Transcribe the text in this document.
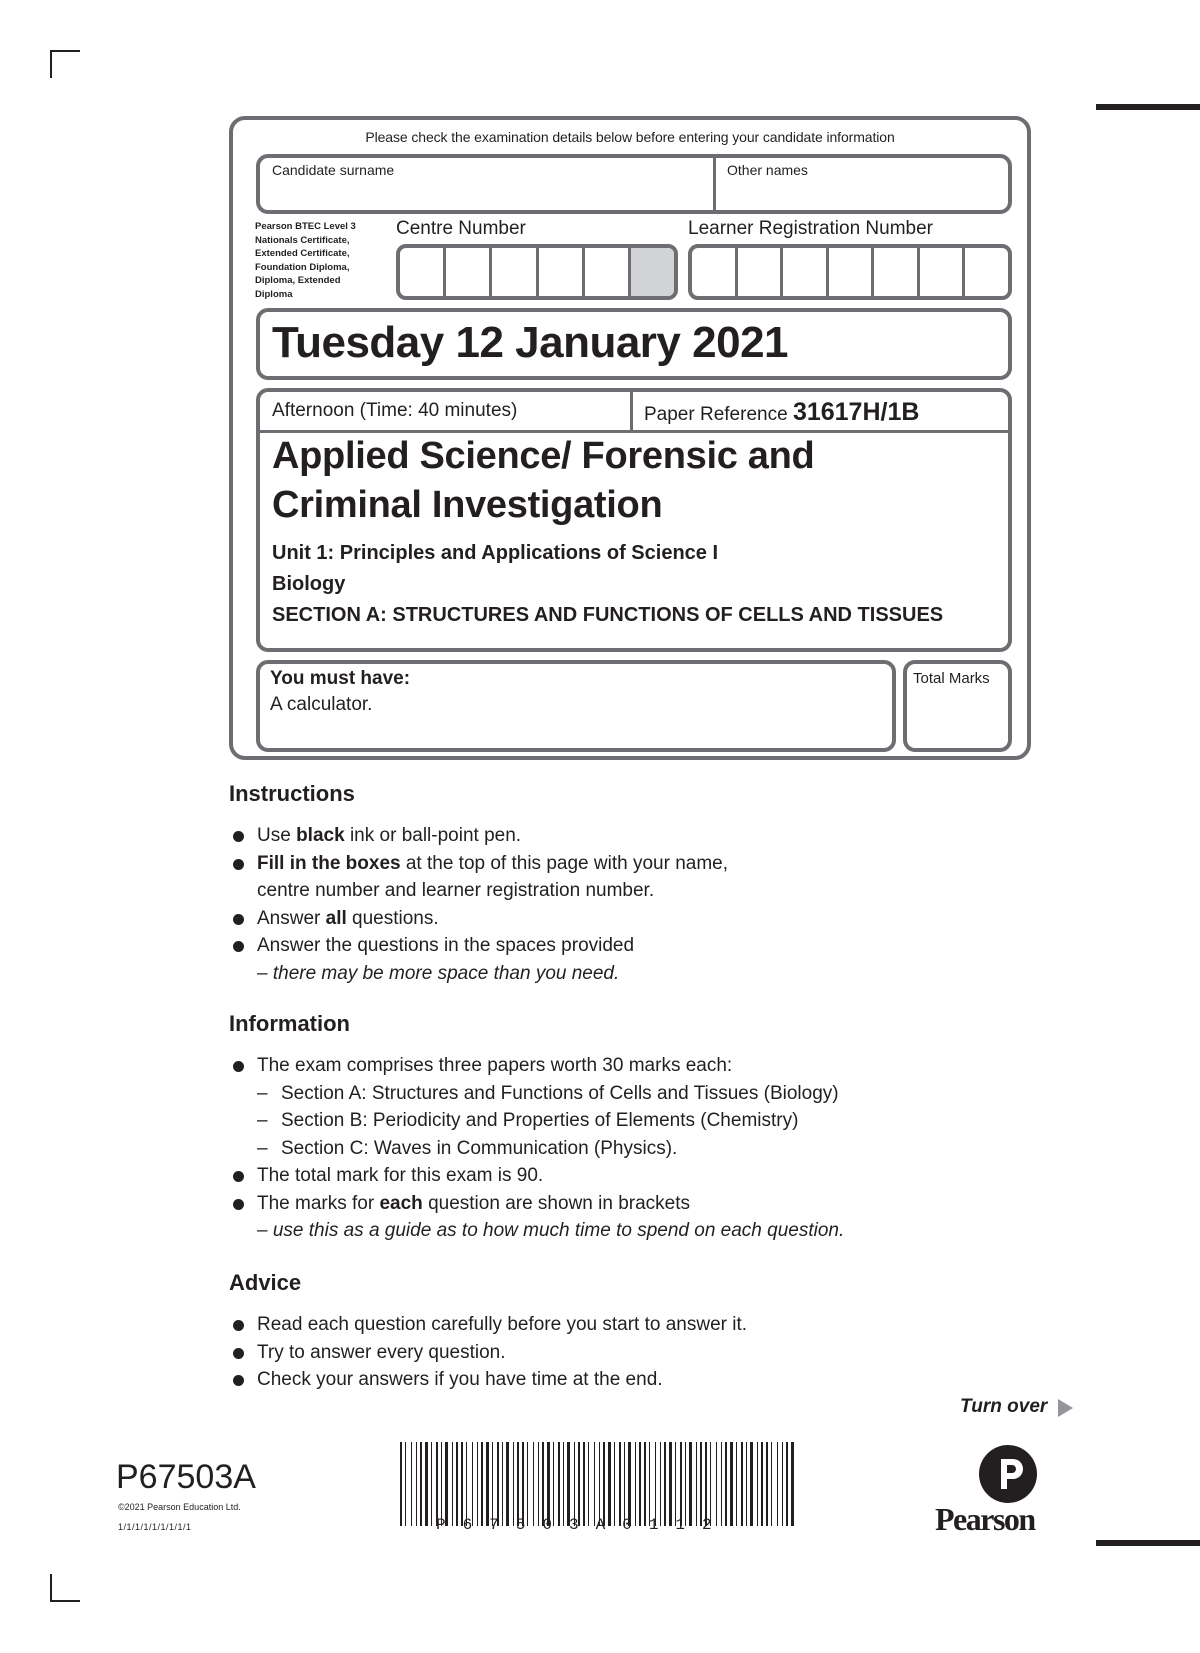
Please check the examination details below before entering your candidate information
Candidate surname	Other names
Pearson BTEC Level 3 Nationals Certificate, Extended Certificate, Foundation Diploma, Diploma, Extended Diploma
Centre Number	Learner Registration Number
Tuesday 12 January 2021
Afternoon (Time: 40 minutes)	Paper Reference 31617H/1B
Applied Science/ Forensic and
Criminal Investigation
Unit 1: Principles and Applications of Science I
Biology
SECTION A: STRUCTURES AND FUNCTIONS OF CELLS AND TISSUES
You must have:
A calculator.
Total Marks
Instructions
Use black ink or ball-point pen.
Fill in the boxes at the top of this page with your name,
centre number and learner registration number.
Answer all questions.
Answer the questions in the spaces provided
– there may be more space than you need.
Information
The exam comprises three papers worth 30 marks each:
– Section A: Structures and Functions of Cells and Tissues (Biology)
– Section B: Periodicity and Properties of Elements (Chemistry)
– Section C: Waves in Communication (Physics).
The total mark for this exam is 90.
The marks for each question are shown in brackets
– use this as a guide as to how much time to spend on each question.
Advice
Read each question carefully before you start to answer it.
Try to answer every question.
Check your answers if you have time at the end.
Turn over
P67503A
©2021 Pearson Education Ltd.
1/1/1/1/1/1/1/1/1	P67503A0112	Pearson
